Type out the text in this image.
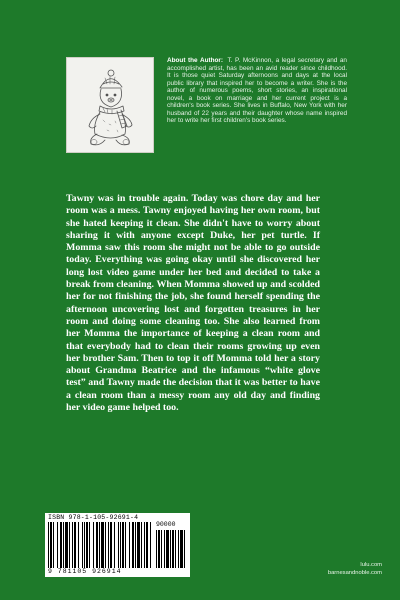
About the Author: T. P. McKinnon, a legal secretary and an accomplished artist, has been an avid reader since childhood. It is those quiet Saturday afternoons and days at the local public library that inspired her to become a writer. She is the author of numerous poems, short stories, an inspirational novel, a book on marriage and her current project is a children's book series. She lives in Buffalo, New York with her husband of 22 years and their daughter whose name inspired her to write her first children's book series.
Tawny was in trouble again. Today was chore day and her room was a mess. Tawny enjoyed having her own room, but she hated keeping it clean. She didn't have to worry about sharing it with anyone except Duke, her pet turtle. If Momma saw this room she might not be able to go outside today. Everything was going okay until she discovered her long lost video game under her bed and decided to take a break from cleaning. When Momma showed up and scolded her for not finishing the job, she found herself spending the afternoon uncovering lost and forgotten treasures in her room and doing some cleaning too. She also learned from her Momma the importance of keeping a clean room and that everybody had to clean their rooms growing up even her brother Sam. Then to top it off Momma told her a story about Grandma Beatrice and the infamous “white glove test” and Tawny made the decision that it was better to have a clean room than a messy room any old day and finding her video game helped too.
ISBN 978-1-105-92691-4
90000
9 781105 926914
lulu.com
barnesandnoble.com
